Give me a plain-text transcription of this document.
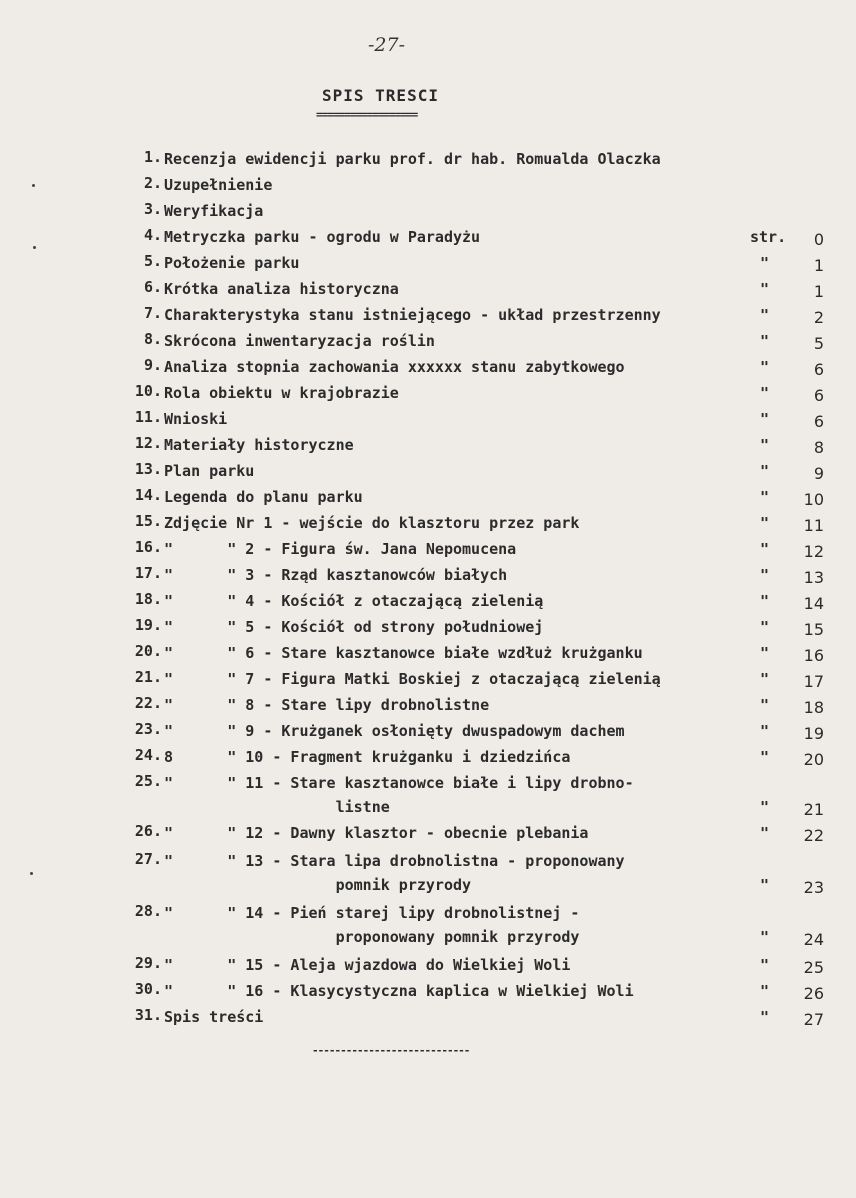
-27-
SPIS TRESCI
==================
1. Recenzja ewidencji parku prof. dr hab. Romualda Olaczka
2. Uzupełnienie
3. Weryfikacja
4. Metryczka parku - ogrodu w Paradyżu	str.	0
5. Położenie parku	"	1
6. Krótka analiza historyczna	"	1
7. Charakterystyka stanu istniejącego - układ przestrzenny	"	2
8. Skrócona inwentaryzacja roślin	"	5
9. Analiza stopnia zachowania xxxxxx stanu zabytkowego	"	6
10. Rola obiektu w krajobrazie	"	6
11. Wnioski	"	6
12. Materiały historyczne	"	8
13. Plan parku	"	9
14. Legenda do planu parku	"	10
15. Zdjęcie Nr 1 - wejście do klasztoru przez park	"	11
16. "      " 2 - Figura św. Jana Nepomucena	"	12
17. "      " 3 - Rząd kasztanowców białych	"	13
18. "      " 4 - Kościół z otaczającą zielenią	"	14
19. "      " 5 - Kościół od strony południowej	"	15
20. "      " 6 - Stare kasztanowce białe wzdłuż krużganku	"	16
21. "      " 7 - Figura Matki Boskiej z otaczającą zielenią	"	17
22. "      " 8 - Stare lipy drobnolistne	"	18
23. "      " 9 - Krużganek osłonięty dwuspadowym dachem	"	19
24. 8      " 10 - Fragment krużganku i dziedzińca	"	20
25. "      " 11 - Stare kasztanowce białe i lipy drobno-
listne	"	21
26. "      " 12 - Dawny klasztor - obecnie plebania	"	22
27. "      " 13 - Stara lipa drobnolistna - proponowany
pomnik przyrody	"	23
28. "      " 14 - Pień starej lipy drobnolistnej -
proponowany pomnik przyrody	"	24
29. "      " 15 - Aleja wjazdowa do Wielkiej Woli	"	25
30. "      " 16 - Klasycystyczna kaplica w Wielkiej Woli	"	26
31. Spis treści	"	27
----------------------------
